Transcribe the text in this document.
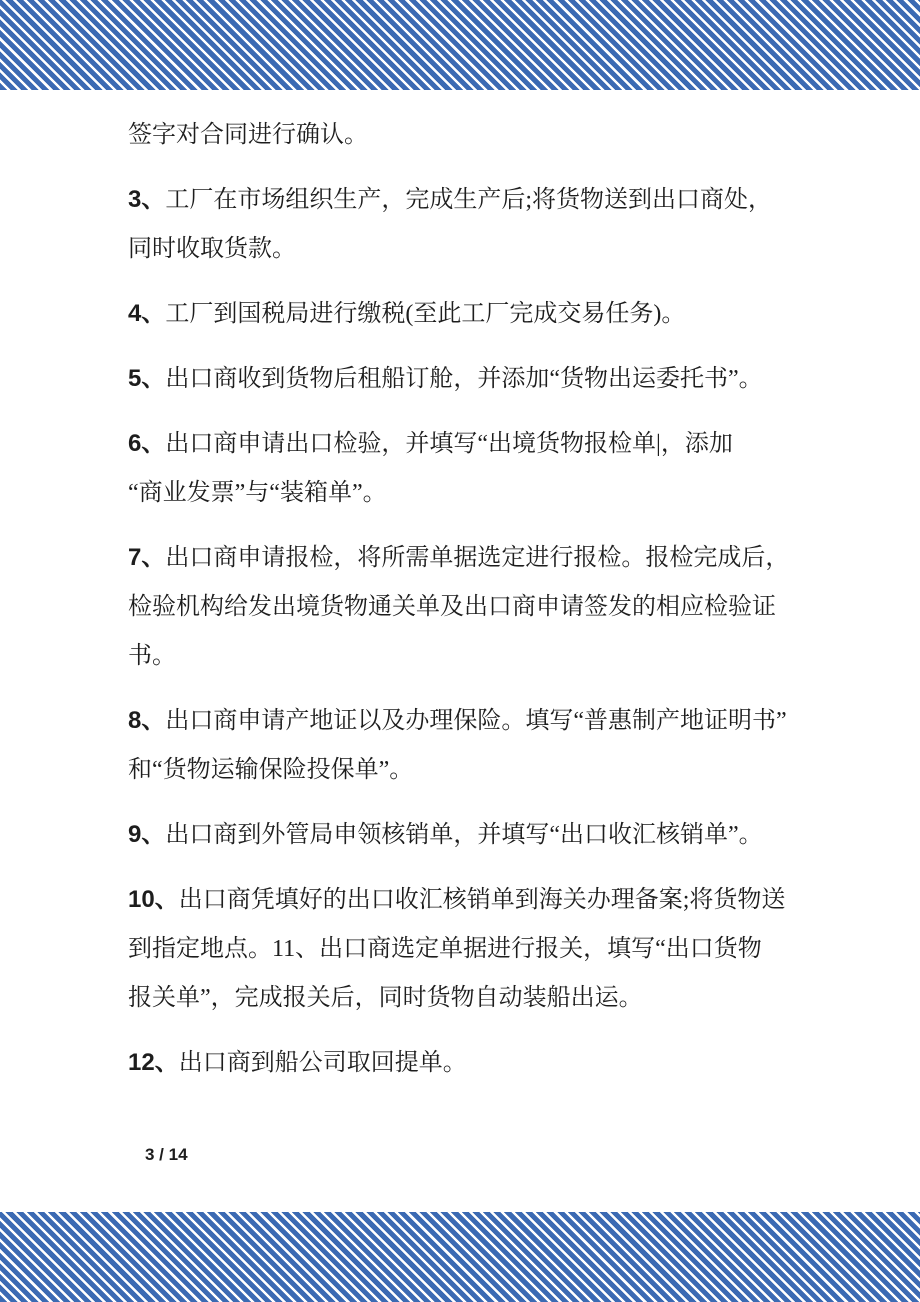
签字对合同进行确认。
3、工厂在市场组织生产，完成生产后;将货物送到出口商处，
同时收取货款。
4、工厂到国税局进行缴税(至此工厂完成交易任务)。
5、出口商收到货物后租船订舱，并添加“货物出运委托书”。
6、出口商申请出口检验，并填写“出境货物报检单|，添加
“商业发票”与“装箱单”。
7、出口商申请报检，将所需单据选定进行报检。报检完成后，
检验机构给发出境货物通关单及出口商申请签发的相应检验证
书。
8、出口商申请产地证以及办理保险。填写“普惠制产地证明书”
和“货物运输保险投保单”。
9、出口商到外管局申领核销单，并填写“出口收汇核销单”。
10、出口商凭填好的出口收汇核销单到海关办理备案;将货物送
到指定地点。11、出口商选定单据进行报关，填写“出口货物
报关单”，完成报关后，同时货物自动装船出运。
12、出口商到船公司取回提单。
3 / 14
